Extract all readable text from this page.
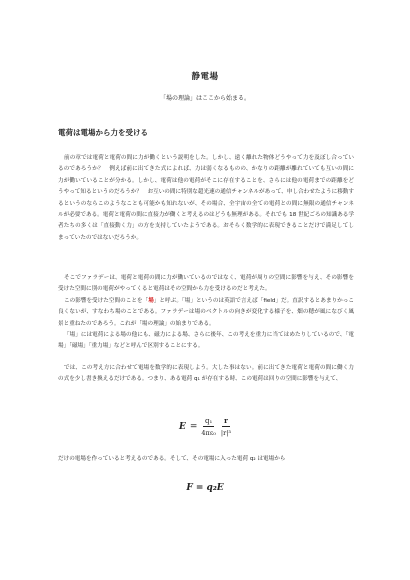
静電場
「場の理論」はここから始まる。
電荷は電場から力を受ける

前の章では電荷と電荷の間に力が働くという説明をした。しかし、遠く離れた物体どうやって力を及ぼし合っているのであろうか？　例えば前に出てきた式によれば、力は弱くなるものの、かなりの距離が離れていても互いの間に力が働いていることが分かる。しかし、電荷は他の電荷がそこに存在することを、さらには他の電荷までの距離をどうやって知るというのだろうか？　お互いの間に特別な超光速の通信チャンネルがあって、申し合わせたように移動するというのならこのようなことも可能かも知れないが、その場合、全宇宙の全ての電荷との間に無限の通信チャンネルが必要である。電荷と電荷の間に直接力が働くと考えるのはどうも無理がある。それでも 18 世紀ごろの知識ある学者たちの多くは「直接動く力」の方を支持していたようである。おそらく数学的に表現できることだけで満足してしまっていたのではないだろうか。

そこでファラデーは、電荷と電荷の間に力が働いているのではなく、電荷が周りの空間に影響を与え、その影響を受けた空間に別の電荷がやってくると電荷はその空間から力を受けるのだと考えた。
この影響を受けた空間のことを「場」と呼ぶ。「場」というのは英語で言えば「field」だ。直訳するとあまりかっこ良くないが、すなわち場のことである。ファラデーは場のベクトルの向きが変化する様子を、畑の穂が風になびく風景と重ねたのであろう。これが「場の理論」の始まりである。
「場」には電荷による場の他にも、磁力による場、さらに後年、この考えを重力に当てはめたりしているので、「電場」「磁場」「重力場」などと呼んで区別することにする。

では、この考え方に合わせて電場を数学的に表現しよう。大した事はない。前に出てきた電荷と電荷の間に働く力の式を少し書き換えるだけである。つまり、ある電荷 q₁ が存在する時、この電荷は回りの空間に影響を与えて、

$E = \frac{\text{q₁}}{\text{4πε₀}}$
$\frac{r}{\text{|r|³}}$

だけの電場を作っていると考えるのである。そして、その電場に入った電荷 q₂ は電場から

F = q₂E
